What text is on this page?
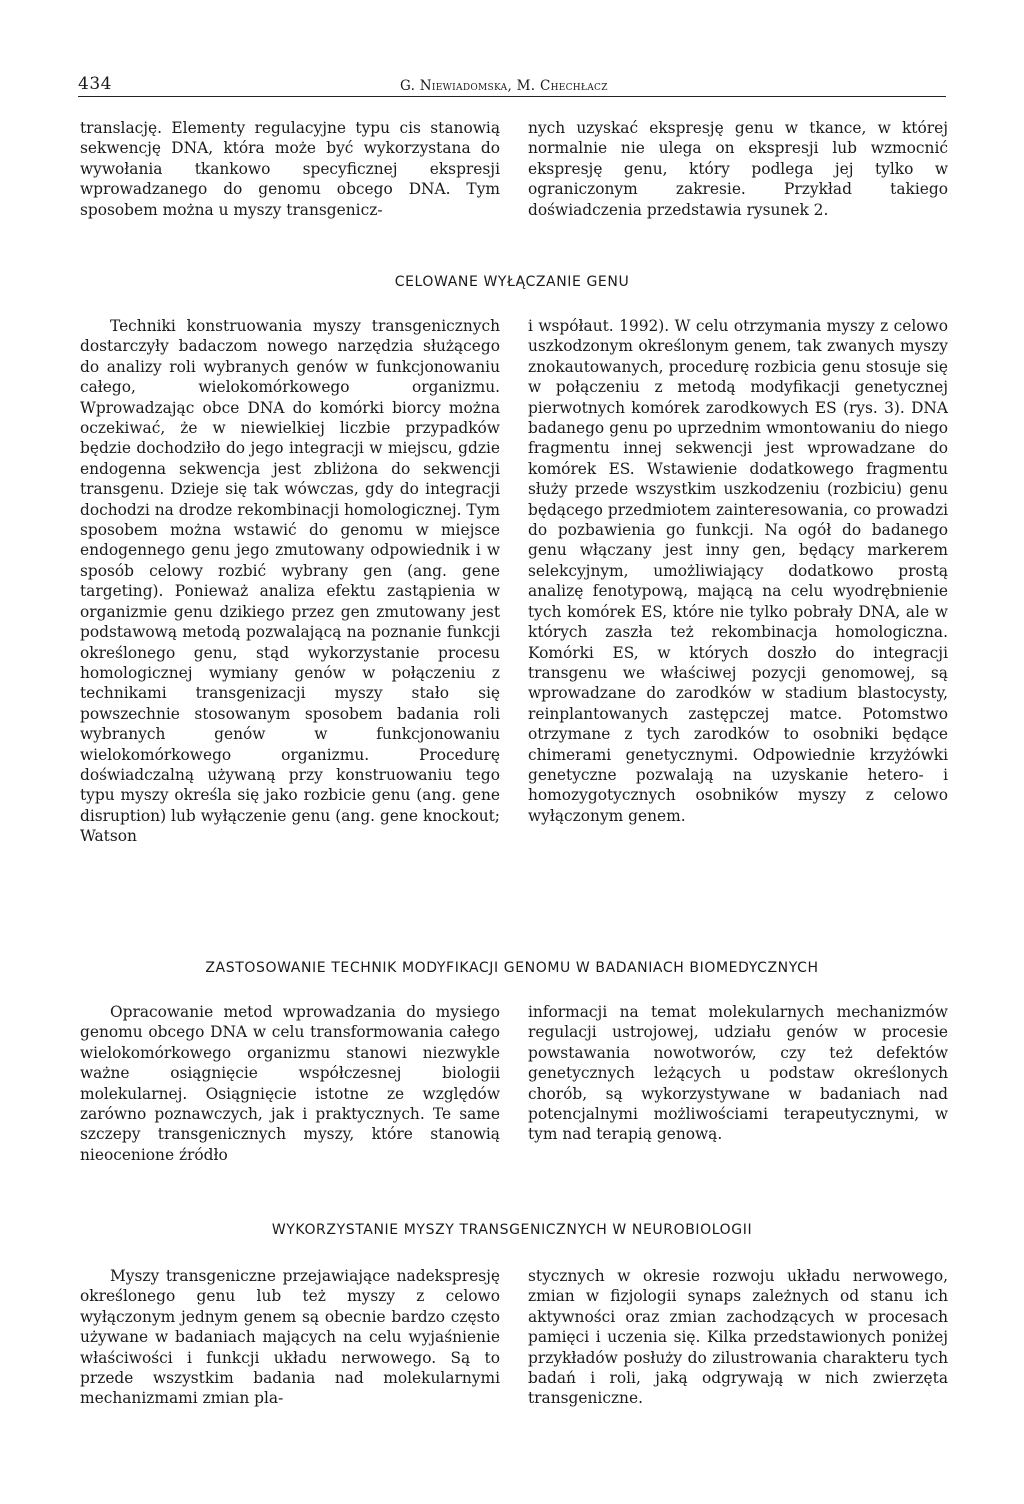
434	G. Niewiadomska, M. Chechłacz

translację. Elementy regulacyjne typu cis stanowią sekwencję DNA, która może być wykorzystana do wywołania tkankowo specyficznej ekspresji wprowadzanego do genomu obcego DNA. Tym sposobem można u myszy transgenicz-

nych uzyskać ekspresję genu w tkance, w której normalnie nie ulega on ekspresji lub wzmocnić ekspresję genu, który podlega jej tylko w ograniczonym zakresie. Przykład takiego doświadczenia przedstawia rysunek 2.

CELOWANE WYŁĄCZANIE GENU

Techniki konstruowania myszy transgenicznych dostarczyły badaczom nowego narzędzia służącego do analizy roli wybranych genów w funkcjonowaniu całego, wielokomórkowego organizmu. Wprowadzając obce DNA do komórki biorcy można oczekiwać, że w niewielkiej liczbie przypadków będzie dochodziło do jego integracji w miejscu, gdzie endogenna sekwencja jest zbliżona do sekwencji transgenu. Dzieje się tak wówczas, gdy do integracji dochodzi na drodze rekombinacji homologicznej. Tym sposobem można wstawić do genomu w miejsce endogennego genu jego zmutowany odpowiednik i w sposób celowy rozbić wybrany gen (ang. gene targeting). Ponieważ analiza efektu zastąpienia w organizmie genu dzikiego przez gen zmutowany jest podstawową metodą pozwalającą na poznanie funkcji określonego genu, stąd wykorzystanie procesu homologicznej wymiany genów w połączeniu z technikami transgenizacji myszy stało się powszechnie stosowanym sposobem badania roli wybranych genów w funkcjonowaniu wielokomórkowego organizmu. Procedurę doświadczalną używaną przy konstruowaniu tego typu myszy określa się jako rozbicie genu (ang. gene disruption) lub wyłączenie genu (ang. gene knockout; Watson

i współaut. 1992). W celu otrzymania myszy z celowo uszkodzonym określonym genem, tak zwanych myszy znokautowanych, procedurę rozbicia genu stosuje się w połączeniu z metodą modyfikacji genetycznej pierwotnych komórek zarodkowych ES (rys. 3). DNA badanego genu po uprzednim wmontowaniu do niego fragmentu innej sekwencji jest wprowadzane do komórek ES. Wstawienie dodatkowego fragmentu służy przede wszystkim uszkodzeniu (rozbiciu) genu będącego przedmiotem zainteresowania, co prowadzi do pozbawienia go funkcji. Na ogół do badanego genu włączany jest inny gen, będący markerem selekcyjnym, umożliwiający dodatkowo prostą analizę fenotypową, mającą na celu wyodrębnienie tych komórek ES, które nie tylko pobrały DNA, ale w których zaszła też rekombinacja homologiczna. Komórki ES, w których doszło do integracji transgenu we właściwej pozycji genomowej, są wprowadzane do zarodków w stadium blastocysty, reinplantowanych zastępczej matce. Potomstwo otrzymane z tych zarodków to osobniki będące chimerami genetycznymi. Odpowiednie krzyżówki genetyczne pozwalają na uzyskanie hetero- i homozygotycznych osobników myszy z celowo wyłączonym genem.

ZASTOSOWANIE TECHNIK MODYFIKACJI GENOMU W BADANIACH BIOMEDYCZNYCH

Opracowanie metod wprowadzania do mysiego genomu obcego DNA w celu transformowania całego wielokomórkowego organizmu stanowi niezwykle ważne osiągnięcie współczesnej biologii molekularnej. Osiągnięcie istotne ze względów zarówno poznawczych, jak i praktycznych. Te same szczepy transgenicznych myszy, które stanowią nieocenione źródło

informacji na temat molekularnych mechanizmów regulacji ustrojowej, udziału genów w procesie powstawania nowotworów, czy też defektów genetycznych leżących u podstaw określonych chorób, są wykorzystywane w badaniach nad potencjalnymi możliwościami terapeutycznymi, w tym nad terapią genową.

WYKORZYSTANIE MYSZY TRANSGENICZNYCH W NEUROBIOLOGII

Myszy transgeniczne przejawiające nadekspresję określonego genu lub też myszy z celowo wyłączonym jednym genem są obecnie bardzo często używane w badaniach mających na celu wyjaśnienie właściwości i funkcji układu nerwowego. Są to przede wszystkim badania nad molekularnymi mechanizmami zmian pla-

stycznych w okresie rozwoju układu nerwowego, zmian w fizjologii synaps zależnych od stanu ich aktywności oraz zmian zachodzących w procesach pamięci i uczenia się. Kilka przedstawionych poniżej przykładów posłuży do zilustrowania charakteru tych badań i roli, jaką odgrywają w nich zwierzęta transgeniczne.
